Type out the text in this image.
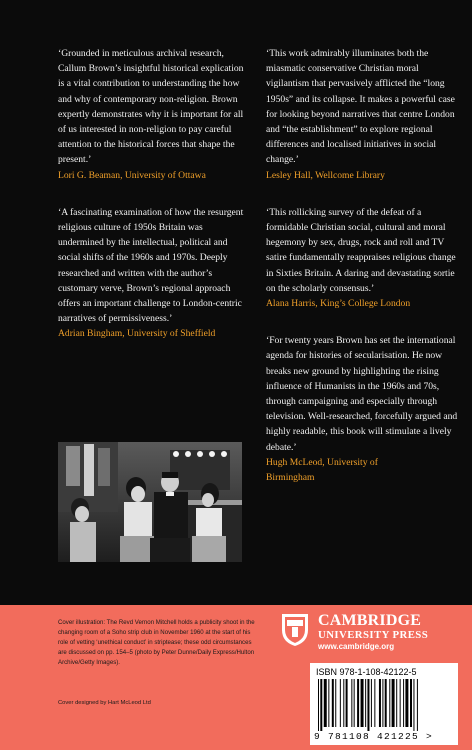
‘Grounded in meticulous archival research, Callum Brown’s insightful historical explication is a vital contribution to understanding the how and why of contemporary non-religion. Brown expertly demonstrates why it is important for all of us interested in non-religion to pay careful attention to the historical forces that shape the present.’

Lori G. Beaman, University of Ottawa

‘A fascinating examination of how the resurgent religious culture of 1950s Britain was undermined by the intellectual, political and social shifts of the 1960s and 1970s. Deeply researched and written with the author’s customary verve, Brown’s regional approach offers an important challenge to London-centric narratives of permissiveness.’

Adrian Bingham, University of Sheffield

‘This work admirably illuminates both the miasmatic conservative Christian moral vigilantism that pervasively afflicted the “long 1950s” and its collapse. It makes a powerful case for looking beyond narratives that centre London and “the establishment” to explore regional differences and localised initiatives in social change.’

Lesley Hall, Wellcome Library

‘This rollicking survey of the defeat of a formidable Christian social, cultural and moral hegemony by sex, drugs, rock and roll and TV satire fundamentally reappraises religious change in Sixties Britain. A daring and devastating sortie on the scholarly consensus.’

Alana Harris, King’s College London

‘For twenty years Brown has set the international agenda for histories of secularisation. He now breaks new ground by highlighting the rising influence of Humanists in the 1960s and 70s, through campaigning and especially through television. Well-researched, forcefully argued and highly readable, this book will stimulate a lively debate.’

Hugh McLeod, University of Birmingham

Cover illustration: The Revd Vernon Mitchell holds a publicity shoot in the changing room of a Soho strip club in November 1960 at the start of his role of vetting ‘unethical conduct’ in striptease; these odd circumstances are discussed on pp. 154–5 (photo by Peter Dunne/Daily Express/Hulton Archive/Getty Images).
Cover designed by Hart McLeod Ltd
CAMBRIDGE
UNIVERSITY PRESS
www.cambridge.org
ISBN 978-1-108-42122-5
9 781108 421225 >
